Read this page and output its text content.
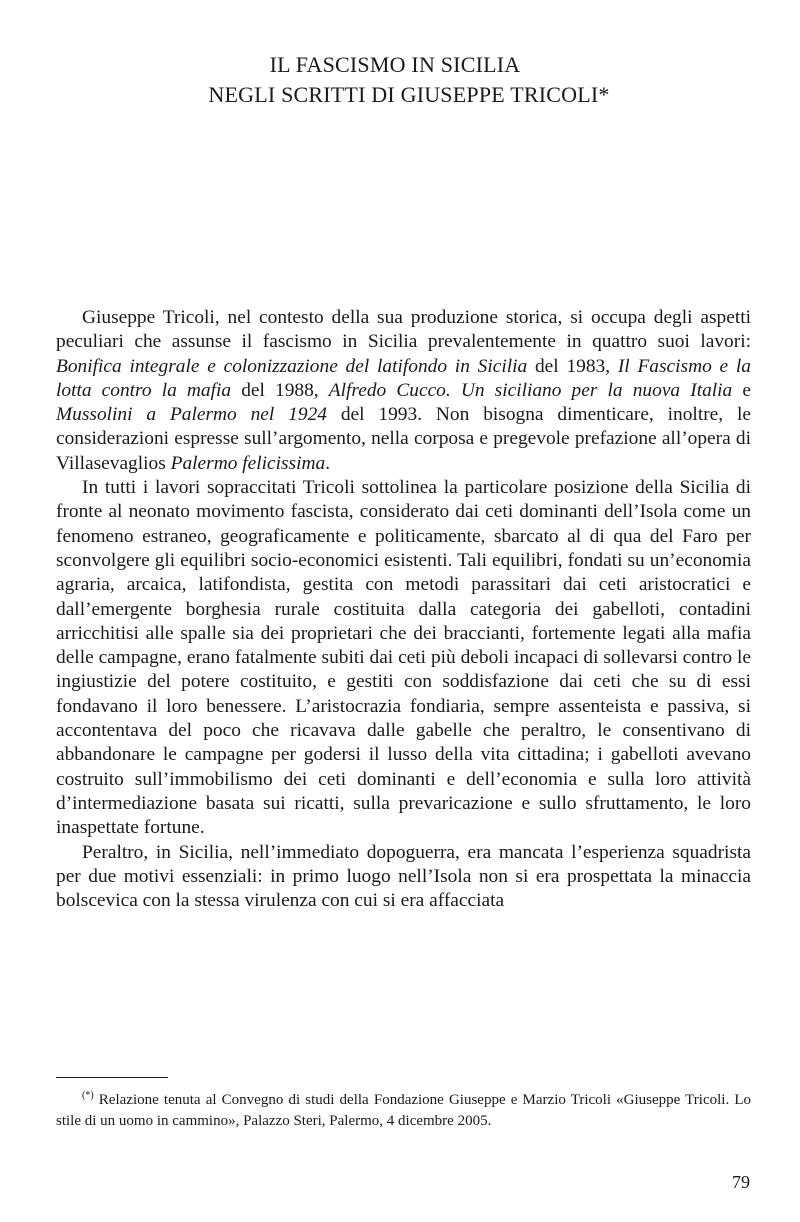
IL FASCISMO IN SICILIA
NEGLI SCRITTI DI GIUSEPPE TRICOLI*

Giuseppe Tricoli, nel contesto della sua produzione storica, si occupa degli aspetti peculiari che assunse il fascismo in Sicilia prevalentemente in quattro suoi lavori: Bonifica integrale e colonizzazione del latifondo in Sicilia del 1983, Il Fascismo e la lotta contro la mafia del 1988, Alfredo Cucco. Un siciliano per la nuova Italia e Mussolini a Palermo nel 1924 del 1993. Non bisogna dimenticare, inoltre, le considerazioni espresse sull’argomento, nella corposa e pregevole prefazione all’opera di Villasevaglios Palermo felicissima.

In tutti i lavori sopraccitati Tricoli sottolinea la particolare posizione della Sicilia di fronte al neonato movimento fascista, considerato dai ceti dominanti dell’Isola come un fenomeno estraneo, geograficamente e politicamente, sbarcato al di qua del Faro per sconvolgere gli equilibri socio-economici esistenti. Tali equilibri, fondati su un’economia agraria, arcaica, latifondista, gestita con metodi parassitari dai ceti aristocratici e dall’emergente borghesia rurale costituita dalla categoria dei gabelloti, contadini arricchitisi alle spalle sia dei proprietari che dei braccianti, fortemente legati alla mafia delle campagne, erano fatalmente subiti dai ceti più deboli incapaci di sollevarsi contro le ingiustizie del potere costituito, e gestiti con soddisfazione dai ceti che su di essi fondavano il loro benessere. L’aristocrazia fondiaria, sempre assenteista e passiva, si accontentava del poco che ricavava dalle gabelle che peraltro, le consentivano di abbandonare le campagne per godersi il lusso della vita cittadina; i gabelloti avevano costruito sull’immobilismo dei ceti dominanti e dell’economia e sulla loro attività d’intermediazione basata sui ricatti, sulla prevaricazione e sullo sfruttamento, le loro inaspettate fortune.

Peraltro, in Sicilia, nell’immediato dopoguerra, era mancata l’esperienza squadrista per due motivi essenziali: in primo luogo nell’Isola non si era prospettata la minaccia bolscevica con la stessa virulenza con cui si era affacciata

(*) Relazione tenuta al Convegno di studi della Fondazione Giuseppe e Marzio Tricoli «Giuseppe Tricoli. Lo stile di un uomo in cammino», Palazzo Steri, Palermo, 4 dicembre 2005.

79
